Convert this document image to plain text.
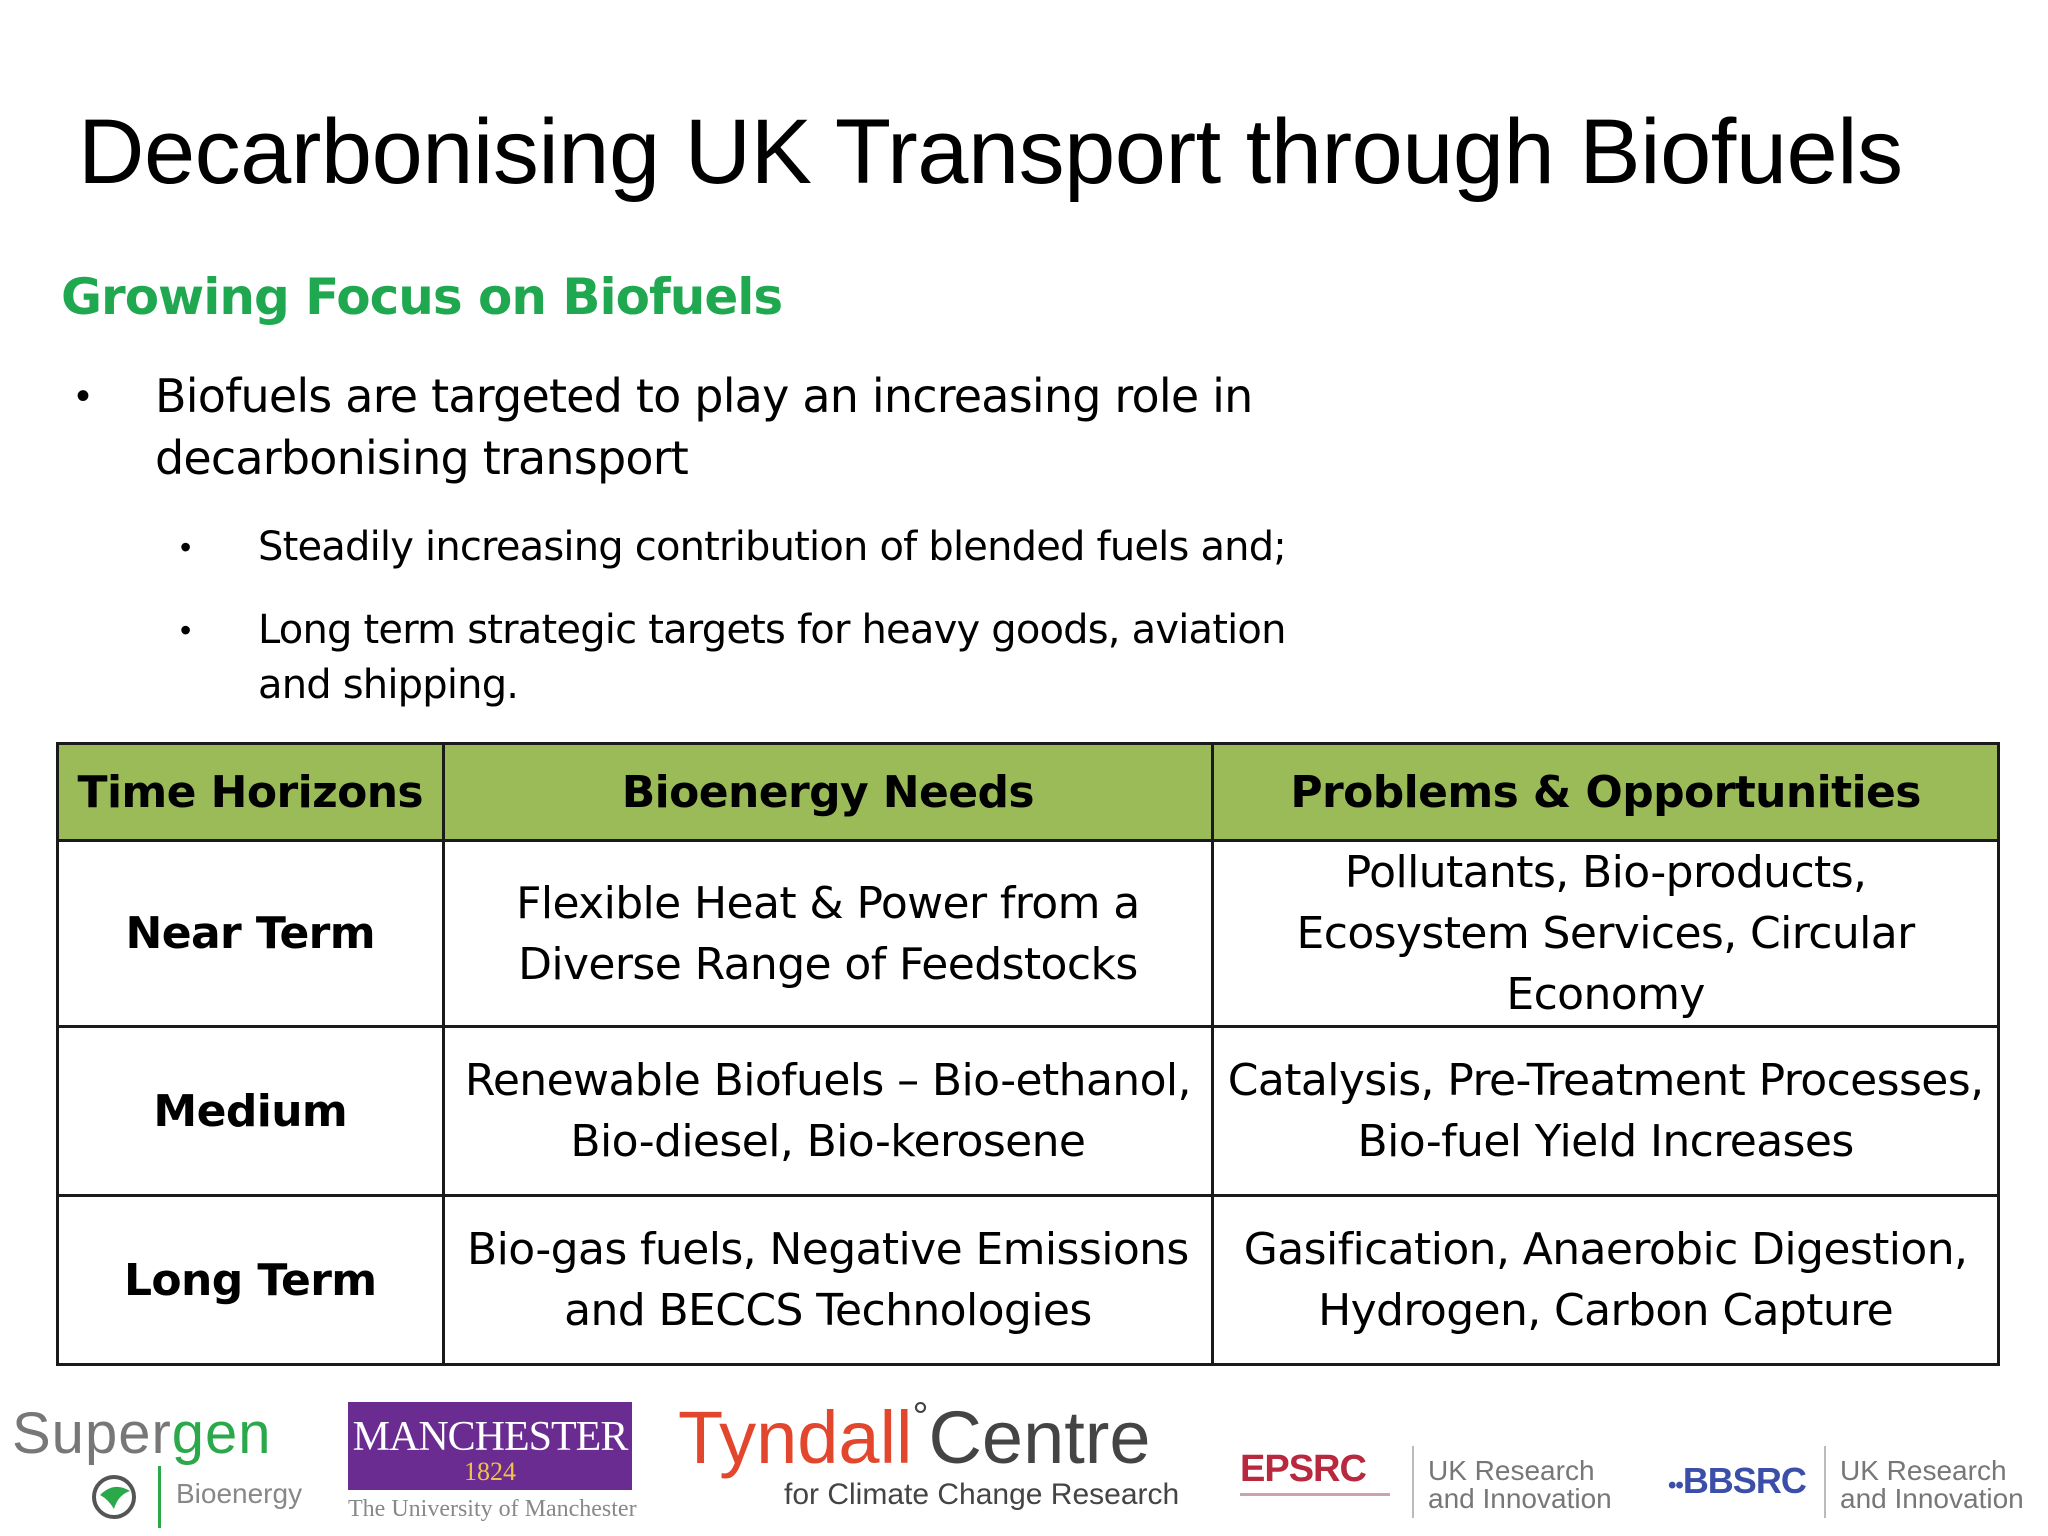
Decarbonising UK Transport through Biofuels
Growing Focus on Biofuels
• Biofuels are targeted to play an increasing role in decarbonising transport
• Steadily increasing contribution of blended fuels and;
• Long term strategic targets for heavy goods, aviation and shipping.
Time Horizons	Bioenergy Needs	Problems & Opportunities
Near Term	Flexible Heat & Power from a Diverse Range of Feedstocks	Pollutants, Bio-products, Ecosystem Services, Circular Economy
Medium	Renewable Biofuels – Bio-ethanol, Bio-diesel, Bio-kerosene	Catalysis, Pre-Treatment Processes, Bio-fuel Yield Increases
Long Term	Bio-gas fuels, Negative Emissions and BECCS Technologies	Gasification, Anaerobic Digestion, Hydrogen, Carbon Capture
Supergen
Bioenergy
MANCHESTER
1824
The University of Manchester
Tyndall°Centre
for Climate Change Research
EPSRC UK Research
and Innovation ••BBSRC UK Research
and Innovation
